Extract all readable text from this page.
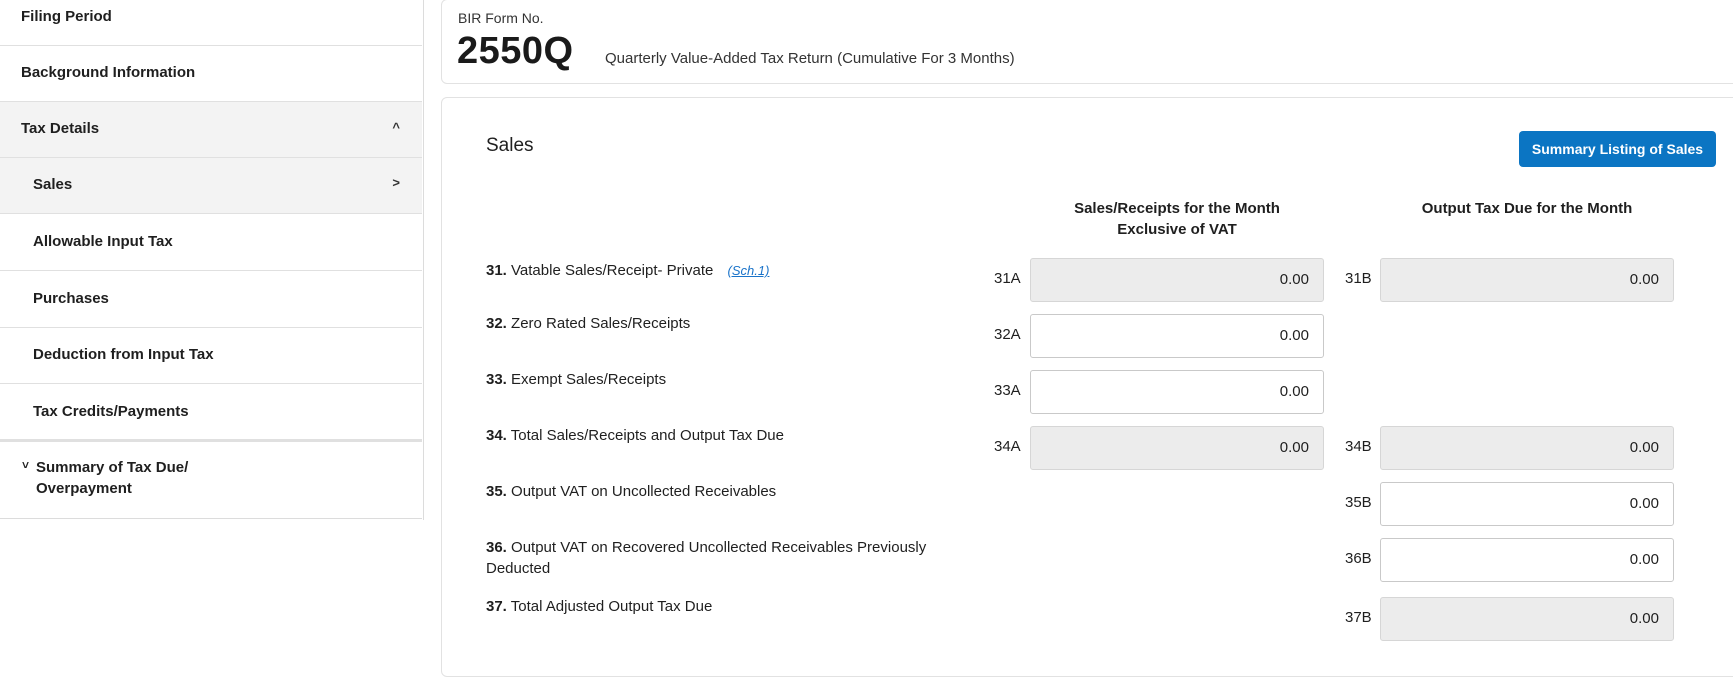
Filing Period
Background Information
Tax Details	^
Sales	>
Allowable Input Tax
Purchases
Deduction from Input Tax
Tax Credits/Payments
˅ Summary of Tax Due/
Overpayment
BIR Form No.
2550Q Quarterly Value-Added Tax Return (Cumulative For 3 Months)
Sales	Summary Listing of Sales
Sales/Receipts for the Month
Exclusive of VAT
Output Tax Due for the Month
31. Vatable Sales/Receipt- Private (Sch.1)	31A	0.00	31B	0.00
32. Zero Rated Sales/Receipts
32A	0.00
33. Exempt Sales/Receipts
33A	0.00
34. Total Sales/Receipts and Output Tax Due
34A	0.00	34B	0.00
35. Output VAT on Uncollected Receivables
35B	0.00
36. Output VAT on Recovered Uncollected Receivables Previously
Deducted
36B	0.00
37. Total Adjusted Output Tax Due
37B	0.00
